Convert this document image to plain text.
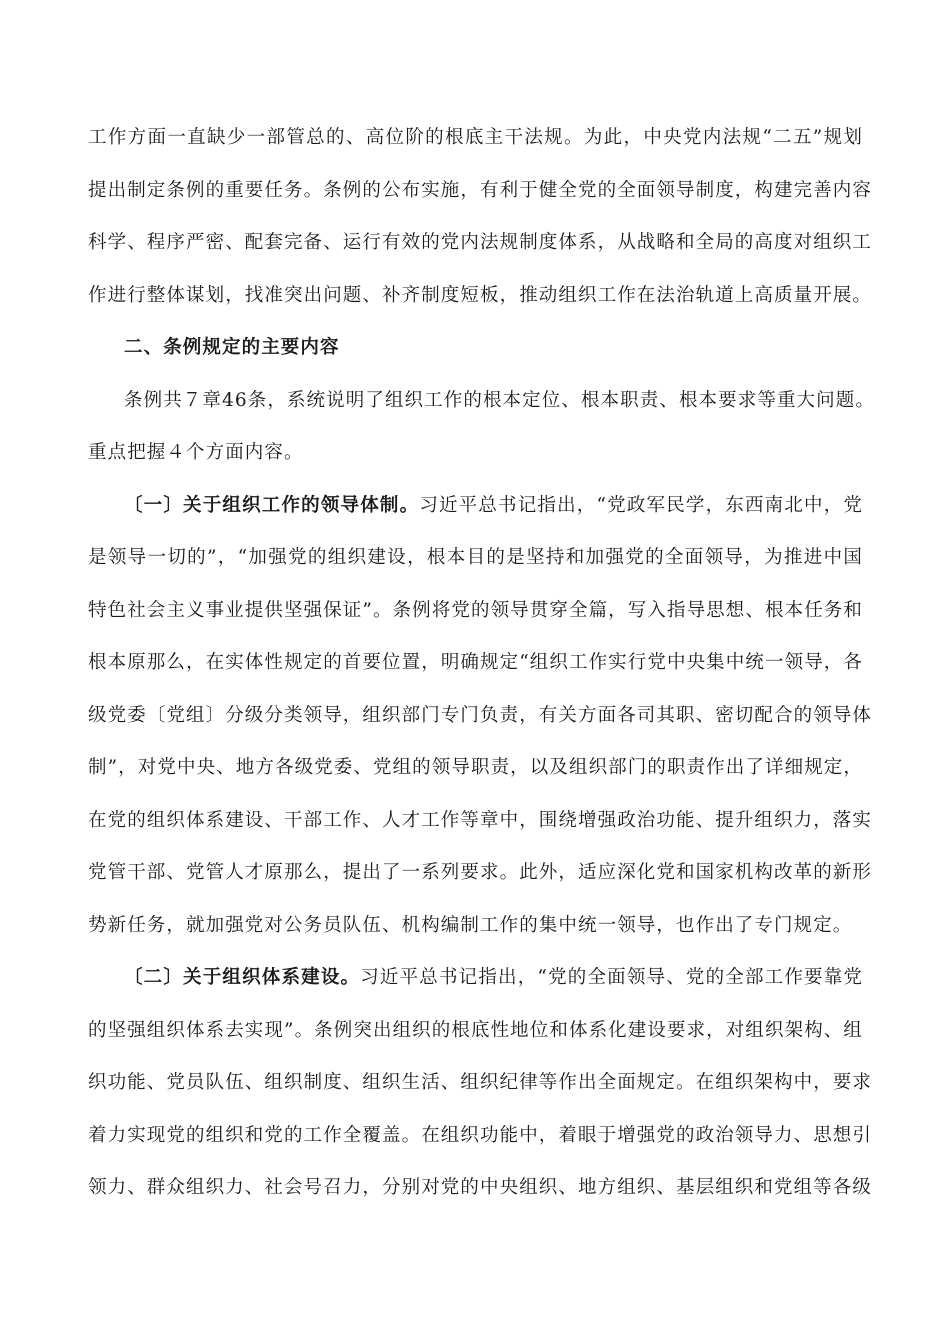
工作方面一直缺少一部管总的、高位阶的根底主干法规。为此，中央党内法规“二五”规划
提出制定条例的重要任务。条例的公布实施，有利于健全党的全面领导制度，构建完善内容
科学、程序严密、配套完备、运行有效的党内法规制度体系，从战略和全局的高度对组织工
作进行整体谋划，找准突出问题、补齐制度短板，推动组织工作在法治轨道上高质量开展。
二、条例规定的主要内容
条例共７章46条，系统说明了组织工作的根本定位、根本职责、根本要求等重大问题。
重点把握４个方面内容。
〔一〕关于组织工作的领导体制。习近平总书记指出，“党政军民学，东西南北中，党
是领导一切的”，“加强党的组织建设，根本目的是坚持和加强党的全面领导，为推进中国
特色社会主义事业提供坚强保证”。条例将党的领导贯穿全篇，写入指导思想、根本任务和
根本原那么，在实体性规定的首要位置，明确规定“组织工作实行党中央集中统一领导，各
级党委〔党组〕分级分类领导，组织部门专门负责，有关方面各司其职、密切配合的领导体
制”，对党中央、地方各级党委、党组的领导职责，以及组织部门的职责作出了详细规定，
在党的组织体系建设、干部工作、人才工作等章中，围绕增强政治功能、提升组织力，落实
党管干部、党管人才原那么，提出了一系列要求。此外，适应深化党和国家机构改革的新形
势新任务，就加强党对公务员队伍、机构编制工作的集中统一领导，也作出了专门规定。
〔二〕关于组织体系建设。习近平总书记指出，“党的全面领导、党的全部工作要靠党
的坚强组织体系去实现”。条例突出组织的根底性地位和体系化建设要求，对组织架构、组
织功能、党员队伍、组织制度、组织生活、组织纪律等作出全面规定。在组织架构中，要求
着力实现党的组织和党的工作全覆盖。在组织功能中，着眼于增强党的政治领导力、思想引
领力、群众组织力、社会号召力，分别对党的中央组织、地方组织、基层组织和党组等各级
